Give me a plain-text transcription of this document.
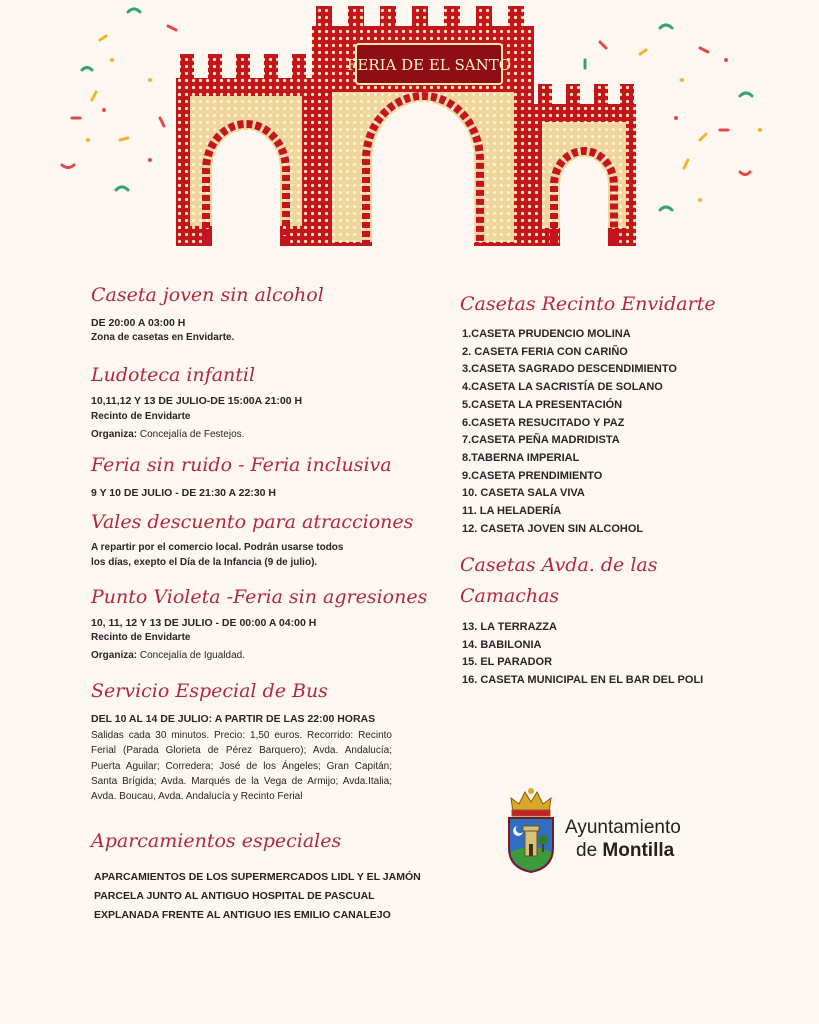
FERIA DE EL SANTO
Caseta joven sin alcohol
DE 20:00 A 03:00 H
Zona de casetas en Envidarte.
Ludoteca infantil
10,11,12 Y 13 DE JULIO-DE 15:00A 21:00 H
Recinto de Envidarte
Organiza: Concejalía de Festejos.
Feria sin ruido - Feria inclusiva
9 Y 10 DE JULIO - DE 21:30 A 22:30 H
Vales descuento para atracciones
A repartir por el comercio local. Podrán usarse todos
los días, exepto el Día de la Infancia (9 de julio).
Punto Violeta -Feria sin agresiones
10, 11, 12 Y 13 DE JULIO - DE 00:00 A 04:00 H
Recinto de Envidarte
Organiza: Concejalía de Igualdad.
Servicio Especial de Bus
DEL 10 AL 14 DE JULIO: A PARTIR DE LAS 22:00 HORAS
Salidas cada 30 minutos. Precio: 1,50 euros. Recorrido: Recinto Ferial (Parada Glorieta de Pérez Barquero); Avda. Andalucía; Puerta Aguilar; Corredera; José de los Ángeles; Gran Capitán; Santa Brígida; Avda. Marqués de la Vega de Armijo; Avda.Italia; Avda. Boucau, Avda. Andalucía y Recinto Ferial
Aparcamientos especiales
APARCAMIENTOS DE LOS SUPERMERCADOS LIDL Y EL JAMÓN
PARCELA JUNTO AL ANTIGUO HOSPITAL DE PASCUAL
EXPLANADA FRENTE AL ANTIGUO IES EMILIO CANALEJO
Casetas Recinto Envidarte
1.CASETA PRUDENCIO MOLINA
2. CASETA FERIA CON CARIÑO
3.CASETA SAGRADO DESCENDIMIENTO
4.CASETA LA SACRISTÍA DE SOLANO
5.CASETA LA PRESENTACIÓN
6.CASETA RESUCITADO Y PAZ
7.CASETA PEÑA MADRIDISTA
8.TABERNA IMPERIAL
9.CASETA PRENDIMIENTO
10. CASETA SALA VIVA
11. LA HELADERÍA
12. CASETA JOVEN SIN ALCOHOL
Casetas Avda. de las
Camachas
13. LA TERRAZZA
14. BABILONIA
15. EL PARADOR
16. CASETA MUNICIPAL EN EL BAR DEL POLI
Ayuntamiento
de Montilla
